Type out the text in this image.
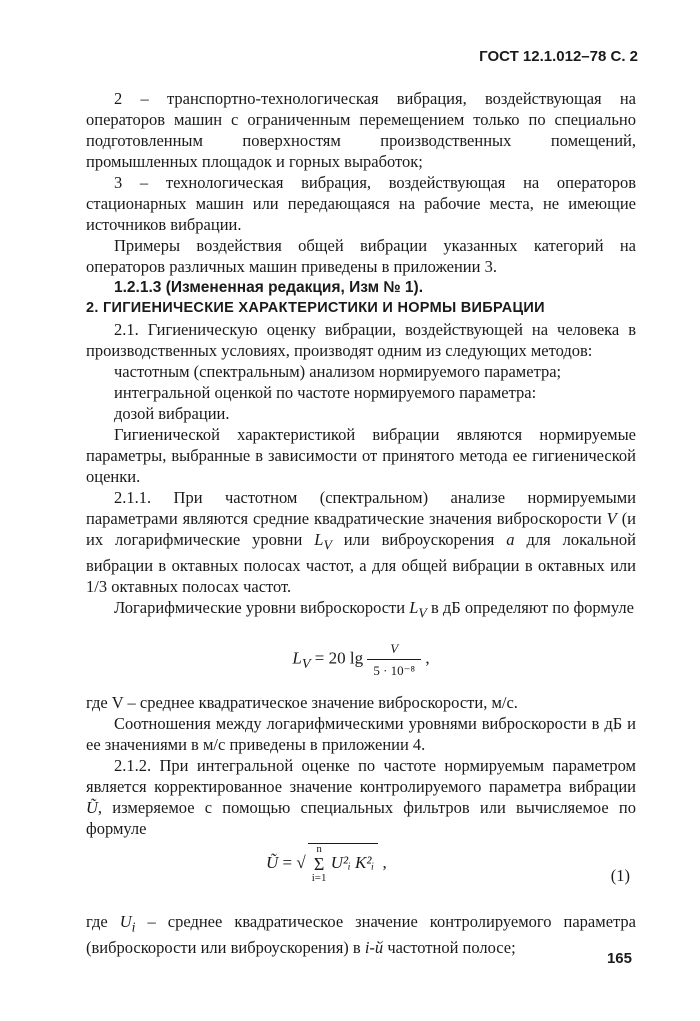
ГОСТ 12.1.012–78 С. 2

2 – транспортно-технологическая вибрация, воздействующая на операторов машин с ограниченным перемещением только по специально подготовленным поверхностям производственных помещений, промышленных площадок и горных выработок;

3 – технологическая вибрация, воздействующая на операторов стационарных машин или передающаяся на рабочие места, не имеющие источников вибрации.

Примеры воздействия общей вибрации указанных категорий на операторов различных машин приведены в приложении 3.

1.2.1.3 (Измененная редакция, Изм № 1).

2. ГИГИЕНИЧЕСКИЕ ХАРАКТЕРИСТИКИ И НОРМЫ ВИБРАЦИИ

2.1. Гигиеническую оценку вибрации, воздействующей на человека в производственных условиях, производят одним из следующих методов:

частотным (спектральным) анализом нормируемого параметра;

интегральной оценкой по частоте нормируемого параметра:

дозой вибрации.

Гигиенической характеристикой вибрации являются нормируемые параметры, выбранные в зависимости от принятого метода ее гигиенической оценки.

2.1.1. При частотном (спектральном) анализе нормируемыми параметрами являются средние квадратические значения виброскорости V (и их логарифмические уровни $L_V$ или виброускорения a для локальной вибрации в октавных полосах частот, а для общей вибрации в октавных или 1/3 октавных полосах частот.

Логарифмические уровни виброскорости $L_V$ в дБ определяют по формуле

$L_V = 20$ $\lg \frac{V}{\text{5 · 10⁻⁸}}$ ,

где V – среднее квадратическое значение виброскорости, м/с.

Соотношения между логарифмическими уровнями виброскорости в дБ и ее значениями в м/с приведены в приложении 4.

2.1.2. При интегральной оценке по частоте нормируемым параметром является корректированное значение контролируемого параметра вибрации Ũ, измеряемое с помощью специальных фильтров или вычисляемое по формуле

Ũ = √n
Σ
i=1 U²ᵢ K²ᵢ ,
(1)

где $U_i$ – среднее квадратическое значение контролируемого параметра (виброскорости или виброускорения) в i-й частотной полосе;

165
